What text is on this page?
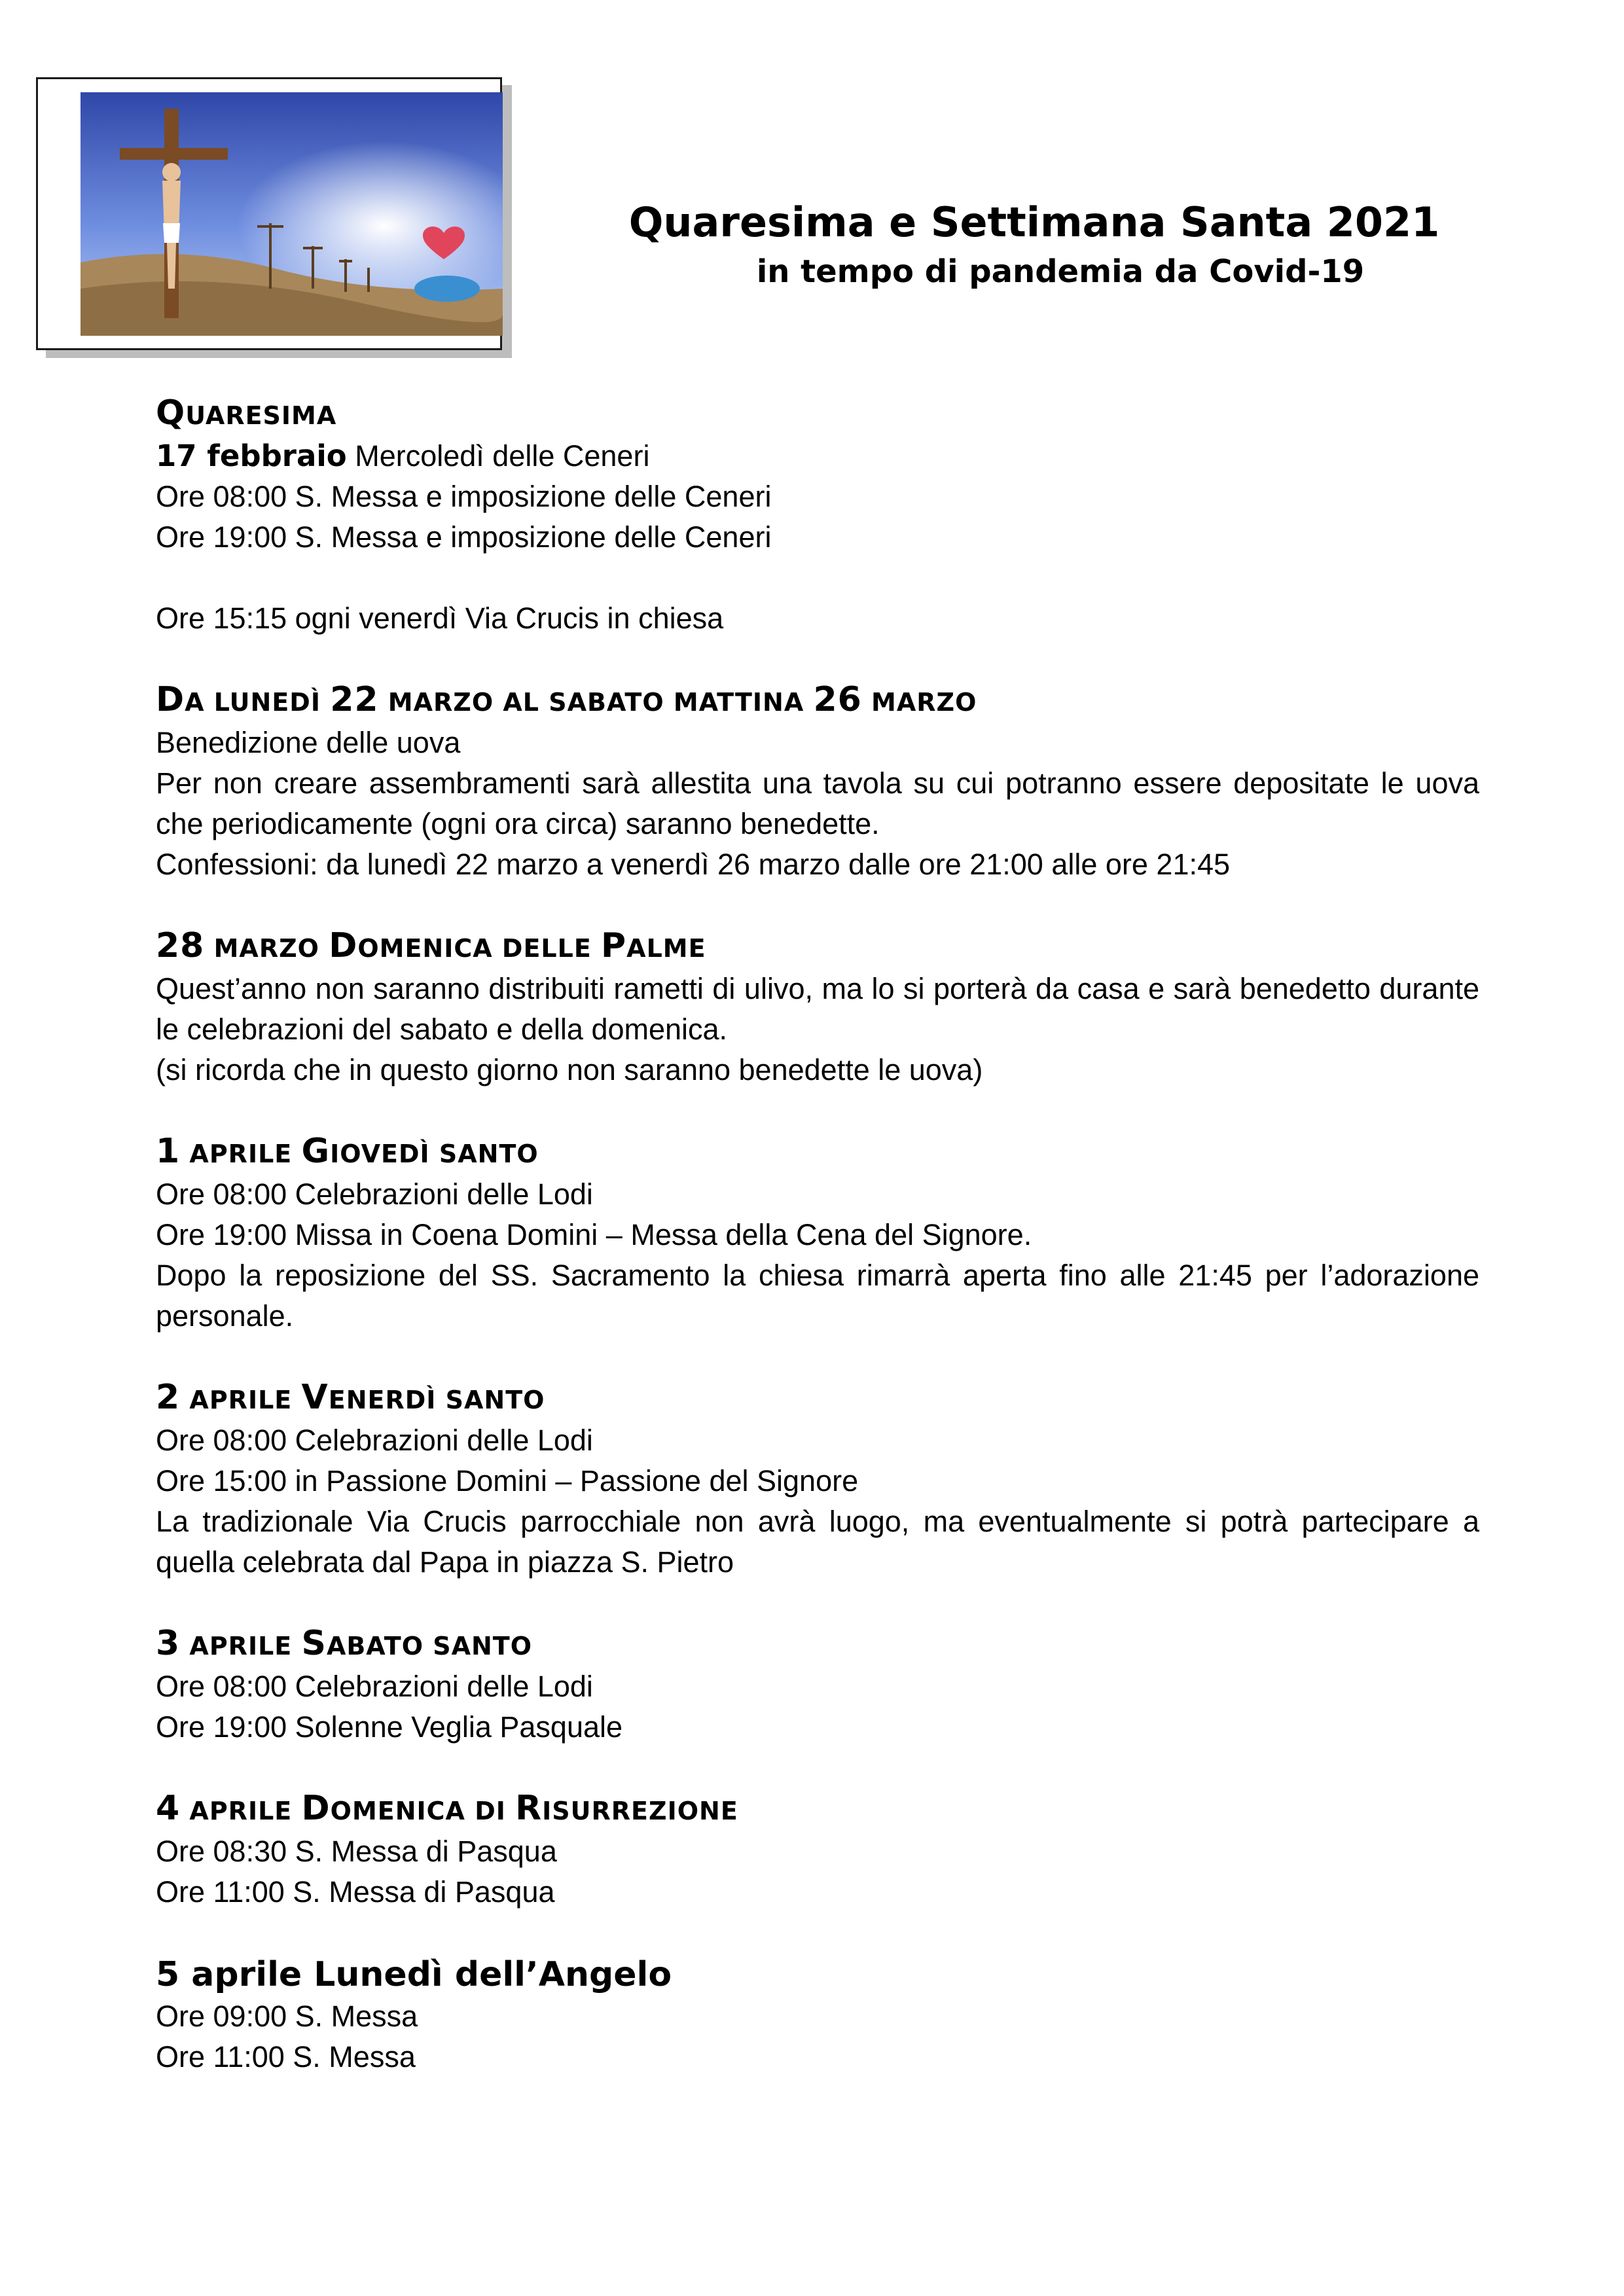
Quaresima e Settimana Santa 2021
in tempo di pandemia da Covid-19
QUARESIMA
17 febbraio Mercoledì delle Ceneri
Ore 08:00 S. Messa e imposizione delle Ceneri
Ore 19:00 S. Messa e imposizione delle Ceneri
Ore 15:15 ogni venerdì Via Crucis in chiesa
DA LUNEDÌ 22 MARZO AL SABATO MATTINA 26 MARZO
Benedizione delle uova
Per non creare assembramenti sarà allestita una tavola su cui potranno essere depositate le uova che periodicamente (ogni ora circa) saranno benedette.
Confessioni: da lunedì 22 marzo a venerdì 26 marzo dalle ore 21:00 alle ore 21:45
28 MARZO DOMENICA DELLE PALME
Quest’anno non saranno distribuiti rametti di ulivo, ma lo si porterà da casa e sarà benedetto durante le celebrazioni del sabato e della domenica.
(si ricorda che in questo giorno non saranno benedette le uova)
1 APRILE GIOVEDÌ SANTO
Ore 08:00 Celebrazioni delle Lodi
Ore 19:00 Missa in Coena Domini – Messa della Cena del Signore.
Dopo la reposizione del SS. Sacramento la chiesa rimarrà aperta fino alle 21:45 per l’adorazione personale.
2 APRILE VENERDÌ SANTO
Ore 08:00 Celebrazioni delle Lodi
Ore 15:00 in Passione Domini – Passione del Signore
La tradizionale Via Crucis parrocchiale non avrà luogo, ma eventualmente si potrà partecipare a quella celebrata dal Papa in piazza S. Pietro
3 APRILE SABATO SANTO
Ore 08:00 Celebrazioni delle Lodi
Ore 19:00 Solenne Veglia Pasquale
4 APRILE DOMENICA DI RISURREZIONE
Ore 08:30 S. Messa di Pasqua
Ore 11:00 S. Messa di Pasqua
5 aprile Lunedì dell’Angelo
Ore 09:00 S. Messa
Ore 11:00 S. Messa
